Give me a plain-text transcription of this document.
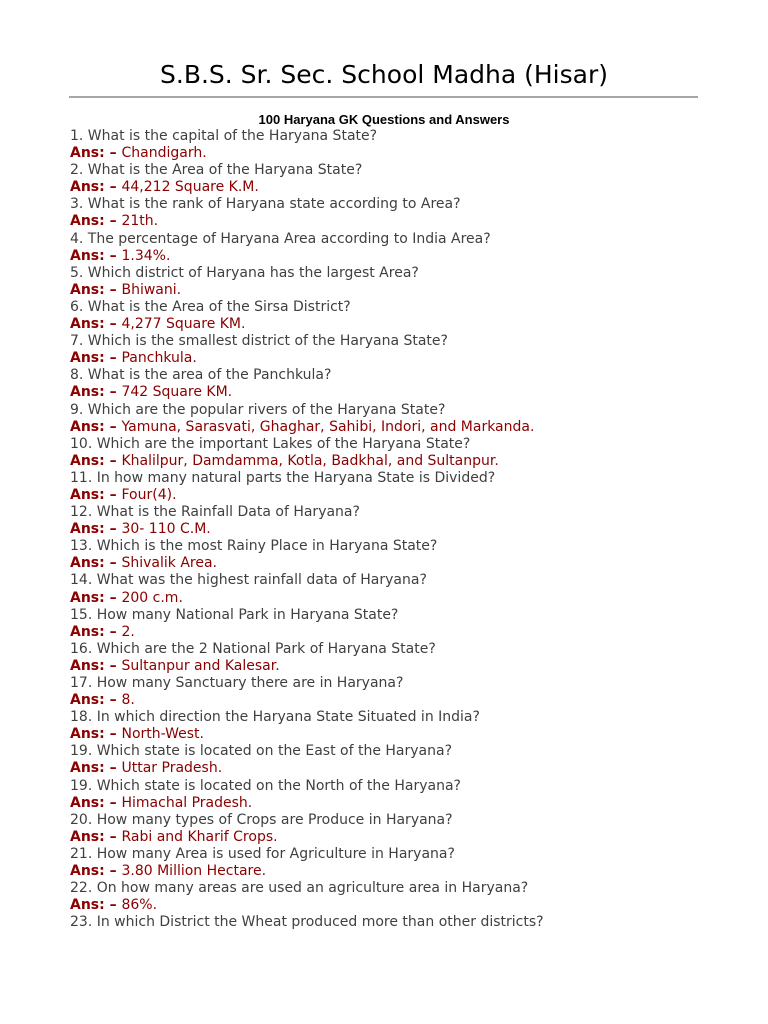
S.B.S. Sr. Sec. School Madha (Hisar)
100 Haryana GK Questions and Answers
1. What is the capital of the Haryana State?
Ans: – Chandigarh.
2. What is the Area of the Haryana State?
Ans: – 44,212 Square K.M.
3. What is the rank of Haryana state according to Area?
Ans: – 21th.
4. The percentage of Haryana Area according to India Area?
Ans: – 1.34%.
5. Which district of Haryana has the largest Area?
Ans: – Bhiwani.
6. What is the Area of the Sirsa District?
Ans: – 4,277 Square KM.
7. Which is the smallest district of the Haryana State?
Ans: – Panchkula.
8. What is the area of the Panchkula?
Ans: – 742 Square KM.
9. Which are the popular rivers of the Haryana State?
Ans: – Yamuna, Sarasvati, Ghaghar, Sahibi, Indori, and Markanda.
10. Which are the important Lakes of the Haryana State?
Ans: – Khalilpur, Damdamma, Kotla, Badkhal, and Sultanpur.
11. In how many natural parts the Haryana State is Divided?
Ans: – Four(4).
12. What is the Rainfall Data of Haryana?
Ans: – 30- 110 C.M.
13. Which is the most Rainy Place in Haryana State?
Ans: – Shivalik Area.
14. What was the highest rainfall data of Haryana?
Ans: – 200 c.m.
15. How many National Park in Haryana State?
Ans: – 2.
16. Which are the 2 National Park of Haryana State?
Ans: – Sultanpur and Kalesar.
17. How many Sanctuary there are in Haryana?
Ans: – 8.
18. In which direction the Haryana State Situated in India?
Ans: – North-West.
19. Which state is located on the East of the Haryana?
Ans: – Uttar Pradesh.
19. Which state is located on the North of the Haryana?
Ans: – Himachal Pradesh.
20. How many types of Crops are Produce in Haryana?
Ans: – Rabi and Kharif Crops.
21. How many Area is used for Agriculture in Haryana?
Ans: – 3.80 Million Hectare.
22. On how many areas are used an agriculture area in Haryana?
Ans: – 86%.
23. In which District the Wheat produced more than other districts?
